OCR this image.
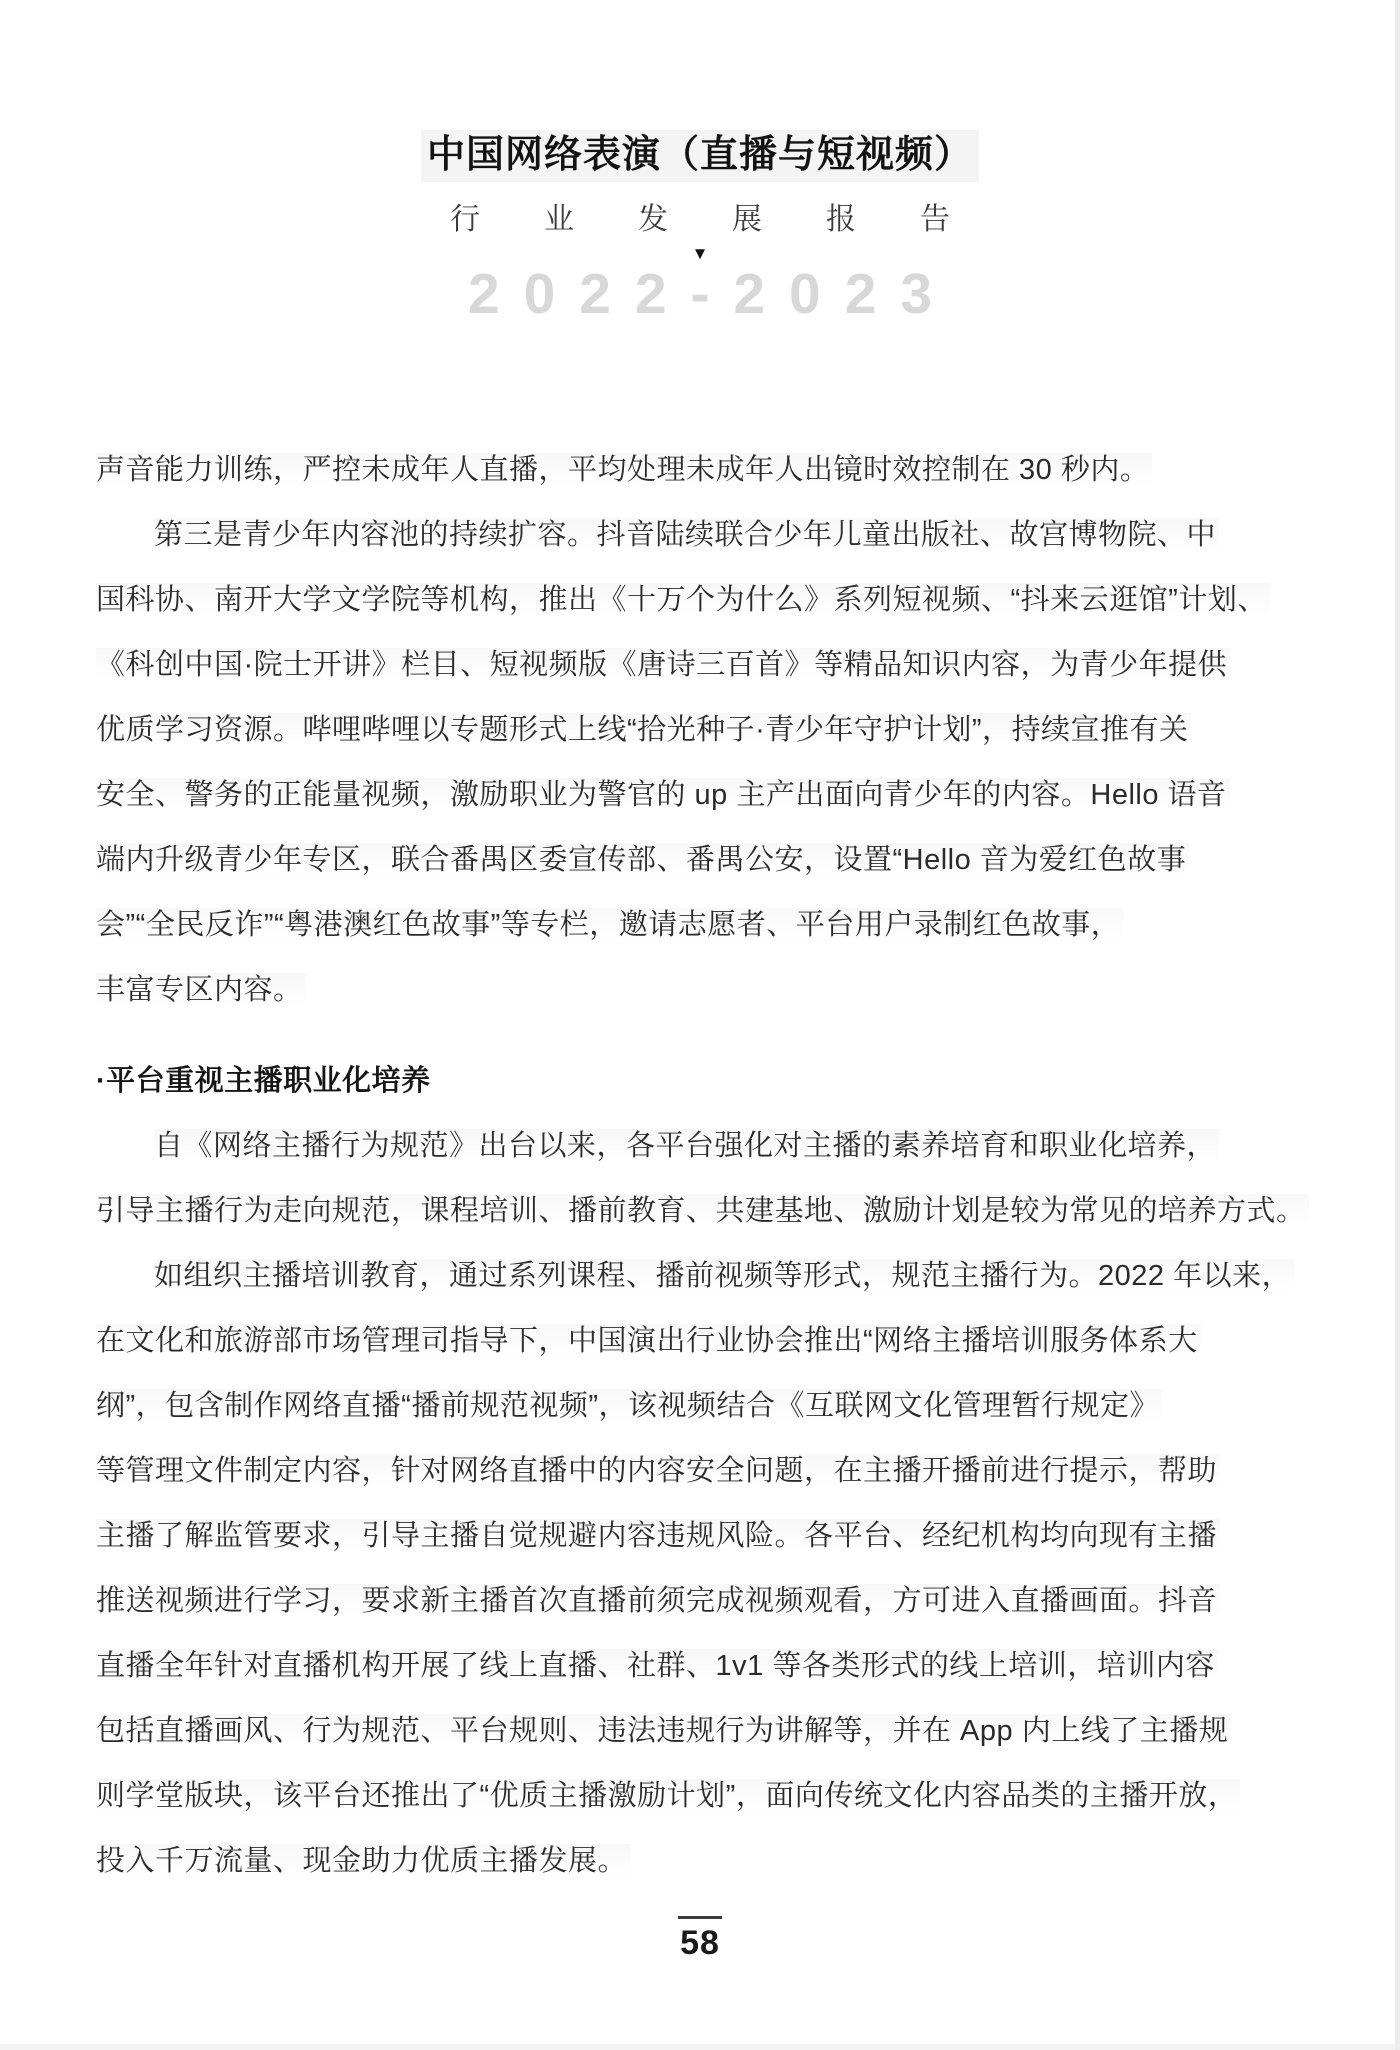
中国网络表演（直播与短视频）
行 业 发 展 报 告
▼
2022-2023
声音能力训练，严控未成年人直播，平均处理未成年人出镜时效控制在 30 秒内。
第三是青少年内容池的持续扩容。抖音陆续联合少年儿童出版社、故宫博物院、中
国科协、南开大学文学院等机构，推出《十万个为什么》系列短视频、“抖来云逛馆”计划、
《科创中国·院士开讲》栏目、短视频版《唐诗三百首》等精品知识内容，为青少年提供
优质学习资源。哔哩哔哩以专题形式上线“拾光种子·青少年守护计划”，持续宣推有关
安全、警务的正能量视频，激励职业为警官的 up 主产出面向青少年的内容。Hello 语音
端内升级青少年专区，联合番禺区委宣传部、番禺公安，设置“Hello 音为爱红色故事
会”“全民反诈”“粤港澳红色故事”等专栏，邀请志愿者、平台用户录制红色故事，
丰富专区内容。
·平台重视主播职业化培养
自《网络主播行为规范》出台以来，各平台强化对主播的素养培育和职业化培养，
引导主播行为走向规范，课程培训、播前教育、共建基地、激励计划是较为常见的培养方式。
如组织主播培训教育，通过系列课程、播前视频等形式，规范主播行为。2022 年以来，
在文化和旅游部市场管理司指导下，中国演出行业协会推出“网络主播培训服务体系大
纲”，包含制作网络直播“播前规范视频”，该视频结合《互联网文化管理暂行规定》
等管理文件制定内容，针对网络直播中的内容安全问题，在主播开播前进行提示，帮助
主播了解监管要求，引导主播自觉规避内容违规风险。各平台、经纪机构均向现有主播
推送视频进行学习，要求新主播首次直播前须完成视频观看，方可进入直播画面。抖音
直播全年针对直播机构开展了线上直播、社群、1v1 等各类形式的线上培训，培训内容
包括直播画风、行为规范、平台规则、违法违规行为讲解等，并在 App 内上线了主播规
则学堂版块，该平台还推出了“优质主播激励计划”，面向传统文化内容品类的主播开放，
投入千万流量、现金助力优质主播发展。
58
